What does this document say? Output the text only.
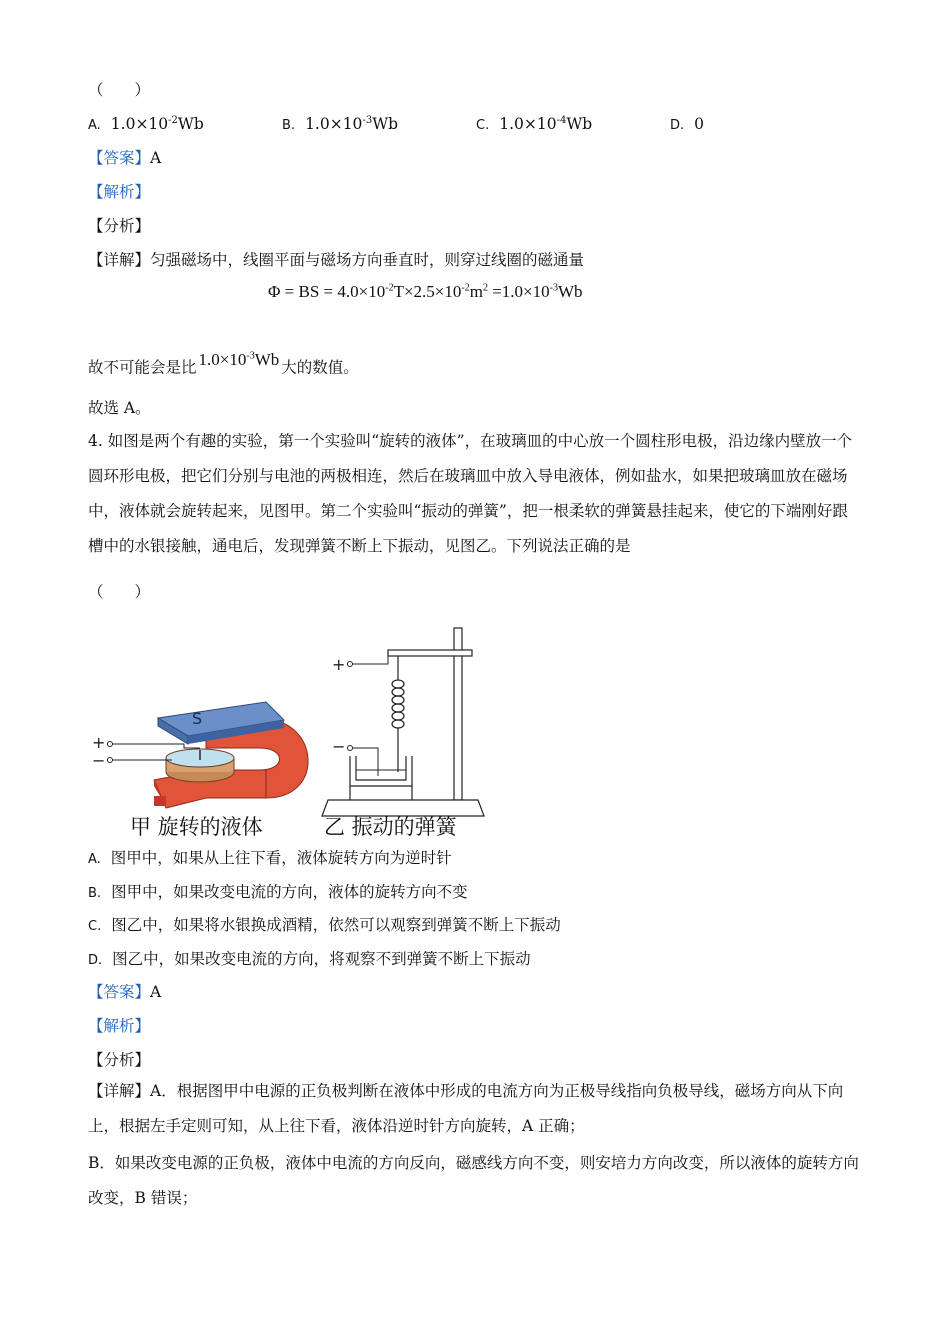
（　　）
A. $1.0\times 10^{-2}Wb$	B. $1.0\times 10^{-3}Wb$	C. $1.0\times 10^{-4}Wb$	D. 0
【答案】A
【解析】
【分析】
【详解】匀强磁场中，线圈平面与磁场方向垂直时，则穿过线圈的磁通量
Φ = BS = $4.0\times 10^{-2}T\times 2.5\times 10^{-2}m^2 =1.0\times 10^{-3}Wb$
故不可能会是比 $1.0\times 10^{-3}Wb$ 大的数值。
故选 A。
4. 如图是两个有趣的实验，第一个实验叫“旋转的液体”，在玻璃皿的中心放一个圆柱形电极，沿边缘内壁放一个圆环形电极，把它们分别与电池的两极相连，然后在玻璃皿中放入导电液体，例如盐水，如果把玻璃皿放在磁场中，液体就会旋转起来，见图甲。第二个实验叫“振动的弹簧”，把一根柔软的弹簧悬挂起来，使它的下端刚好跟槽中的水银接触，通电后，发现弹簧不断上下振动，见图乙。下列说法正确的是
（　　）
S
+
−
+
−
甲 旋转的液体	乙 振动的弹簧
A. 图甲中，如果从上往下看，液体旋转方向为逆时针
B. 图甲中，如果改变电流的方向，液体的旋转方向不变
C. 图乙中，如果将水银换成酒精，依然可以观察到弹簧不断上下振动
D. 图乙中，如果改变电流的方向，将观察不到弹簧不断上下振动
【答案】A
【解析】
【分析】
【详解】A．根据图甲中电源的正负极判断在液体中形成的电流方向为正极导线指向负极导线，磁场方向从下向上，根据左手定则可知，从上往下看，液体沿逆时针方向旋转，A 正确；
B．如果改变电源的正负极，液体中电流的方向反向，磁感线方向不变，则安培力方向改变，所以液体的旋转方向改变，B 错误；
